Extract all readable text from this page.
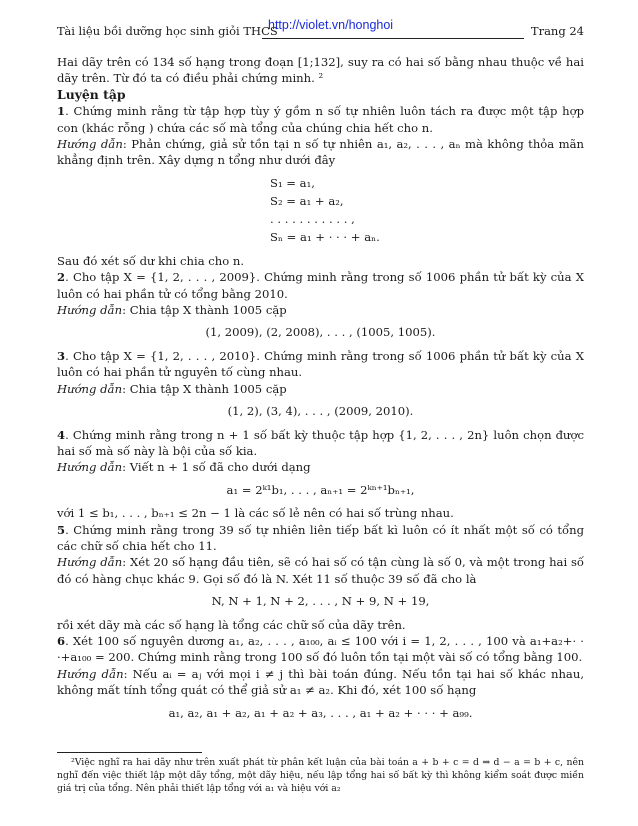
Tài liệu bồi dưỡng học sinh giỏi THCS
http://violet.vn/honghoi	Trang 24

Hai dãy trên có 134 số hạng trong đoạn [1;132], suy ra có hai số bằng nhau thuộc về hai dãy trên. Từ đó ta có điều phải chứng minh. ²

Luyện tập

1. Chứng minh rằng từ tập hợp tùy ý gồm n số tự nhiên luôn tách ra được một tập hợp con (khác rỗng ) chứa các số mà tổng của chúng chia hết cho n.

Hướng dẫn: Phản chứng, giả sử tồn tại n số tự nhiên a₁, a₂, . . . , aₙ mà không thỏa mãn khẳng định trên. Xây dựng n tổng như dưới đây

S₁ = a₁,
S₂ = a₁ + a₂,
. . . . . . . . . . . ,
Sₙ = a₁ + · · · + aₙ.

Sau đó xét số dư khi chia cho n.

2. Cho tập X = {1, 2, . . . , 2009}. Chứng minh rằng trong số 1006 phần tử bất kỳ của X luôn có hai phần tử có tổng bằng 2010.

Hướng dẫn: Chia tập X thành 1005 cặp

(1, 2009), (2, 2008), . . . , (1005, 1005).

3. Cho tập X = {1, 2, . . . , 2010}. Chứng minh rằng trong số 1006 phần tử bất kỳ của X luôn có hai phần tử nguyên tố cùng nhau.

Hướng dẫn: Chia tập X thành 1005 cặp

(1, 2), (3, 4), . . . , (2009, 2010).

4. Chứng minh rằng trong n + 1 số bất kỳ thuộc tập hợp {1, 2, . . . , 2n} luôn chọn được hai số mà số này là bội của số kia.

Hướng dẫn: Viết n + 1 số đã cho dưới dạng

a₁ = 2ᵏ¹b₁, . . . , aₙ₊₁ = 2ᵏⁿ⁺¹bₙ₊₁,

với 1 ≤ b₁, . . . , bₙ₊₁ ≤ 2n − 1 là các số lẻ nên có hai số trùng nhau.

5. Chứng minh rằng trong 39 số tự nhiên liên tiếp bất kì luôn có ít nhất một số có tổng các chữ số chia hết cho 11.

Hướng dẫn: Xét 20 số hạng đầu tiên, sẽ có hai số có tận cùng là số 0, và một trong hai số đó có hàng chục khác 9. Gọi số đó là N. Xét 11 số thuộc 39 số đã cho là

N, N + 1, N + 2, . . . , N + 9, N + 19,

rồi xét dãy mà các số hạng là tổng các chữ số của dãy trên.

6. Xét 100 số nguyên dương a₁, a₂, . . . , a₁₀₀, aᵢ ≤ 100 với i = 1, 2, . . . , 100 và a₁+a₂+· · ·+a₁₀₀ = 200. Chứng minh rằng trong 100 số đó luôn tồn tại một vài số có tổng bằng 100.

Hướng dẫn: Nếu aᵢ = aⱼ với mọi i ≠ j thì bài toán đúng. Nếu tồn tại hai số khác nhau, không mất tính tổng quát có thể giả sử a₁ ≠ a₂. Khi đó, xét 100 số hạng

a₁, a₂, a₁ + a₂, a₁ + a₂ + a₃, . . . , a₁ + a₂ + · · · + a₉₉.
²Việc nghĩ ra hai dãy như trên xuất phát từ phân kết luận của bài toán a + b + c = d ⇒ d − a = b + c, nên nghĩ đến việc thiết lập một dãy tổng, một dãy hiệu, nếu lập tổng hai số bất kỳ thì không kiểm soát được miền giá trị của tổng. Nên phải thiết lập tổng với a₁ và hiệu với a₂
